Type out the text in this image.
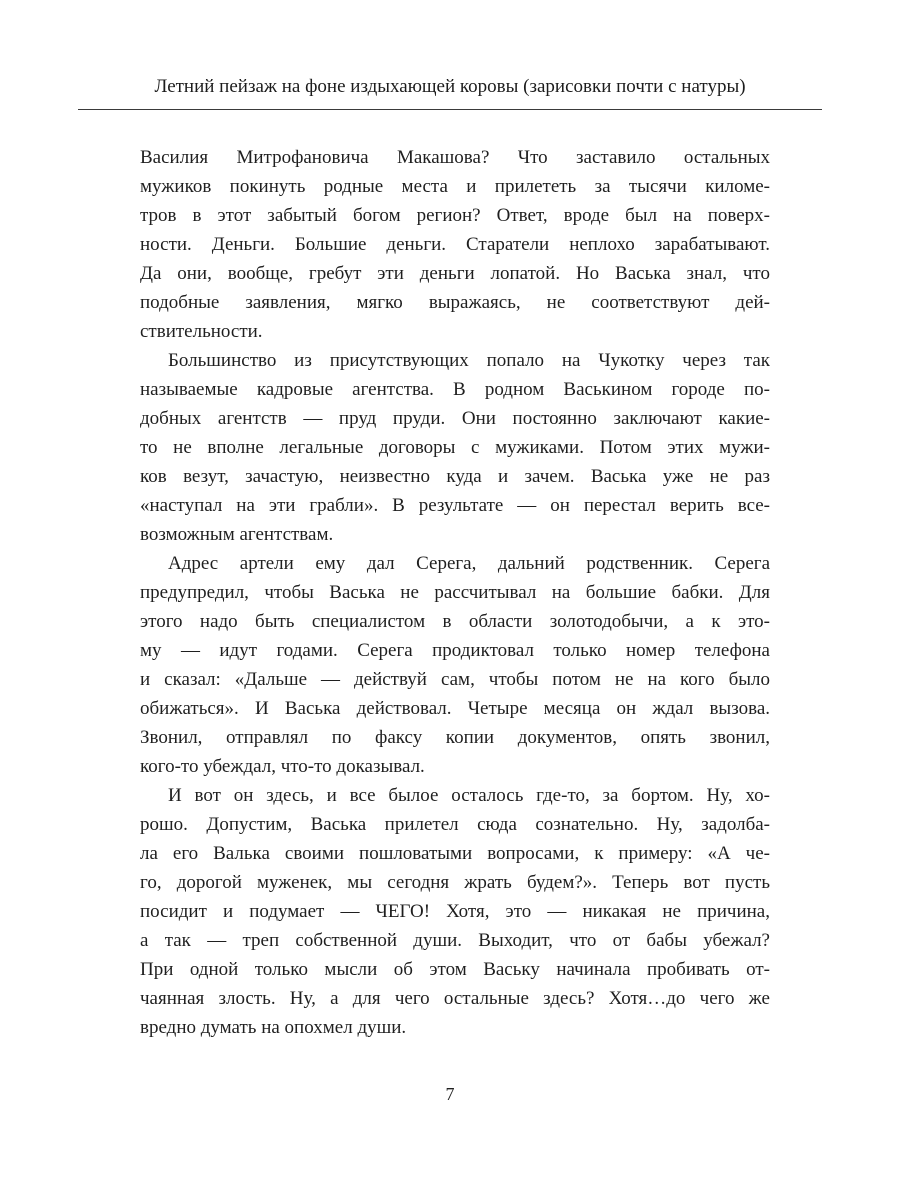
Летний пейзаж на фоне издыхающей коровы (зарисовки почти с натуры)

Василия Митрофановича Макашова? Что заставило остальных
мужиков покинуть родные места и прилететь за тысячи киломе-
тров в этот забытый богом регион? Ответ, вроде был на поверх-
ности. Деньги. Большие деньги. Старатели неплохо зарабатывают.
Да они, вообще, гребут эти деньги лопатой. Но Васька знал, что
подобные заявления, мягко выражаясь, не соответствуют дей-
ствительности.

Большинство из присутствующих попало на Чукотку через так
называемые кадровые агентства. В родном Васькином городе по-
добных агентств — пруд пруди. Они постоянно заключают какие-
то не вполне легальные договоры с мужиками. Потом этих мужи-
ков везут, зачастую, неизвестно куда и зачем. Васька уже не раз
«наступал на эти грабли». В результате — он перестал верить все-
возможным агентствам.

Адрес артели ему дал Серега, дальний родственник. Серега
предупредил, чтобы Васька не рассчитывал на большие бабки. Для
этого надо быть специалистом в области золотодобычи, а к это-
му — идут годами. Серега продиктовал только номер телефона
и сказал: «Дальше — действуй сам, чтобы потом не на кого было
обижаться». И Васька действовал. Четыре месяца он ждал вызова.
Звонил, отправлял по факсу копии документов, опять звонил,
кого-то убеждал, что-то доказывал.

И вот он здесь, и все былое осталось где-то, за бортом. Ну, хо-
рошо. Допустим, Васька прилетел сюда сознательно. Ну, задолба-
ла его Валька своими пошловатыми вопросами, к примеру: «А че-
го, дорогой муженек, мы сегодня жрать будем?». Теперь вот пусть
посидит и подумает — ЧЕГО! Хотя, это — никакая не причина,
а так — треп собственной души. Выходит, что от бабы убежал?
При одной только мысли об этом Ваську начинала пробивать от-
чаянная злость. Ну, а для чего остальные здесь? Хотя…до чего же
вредно думать на опохмел души.

7
